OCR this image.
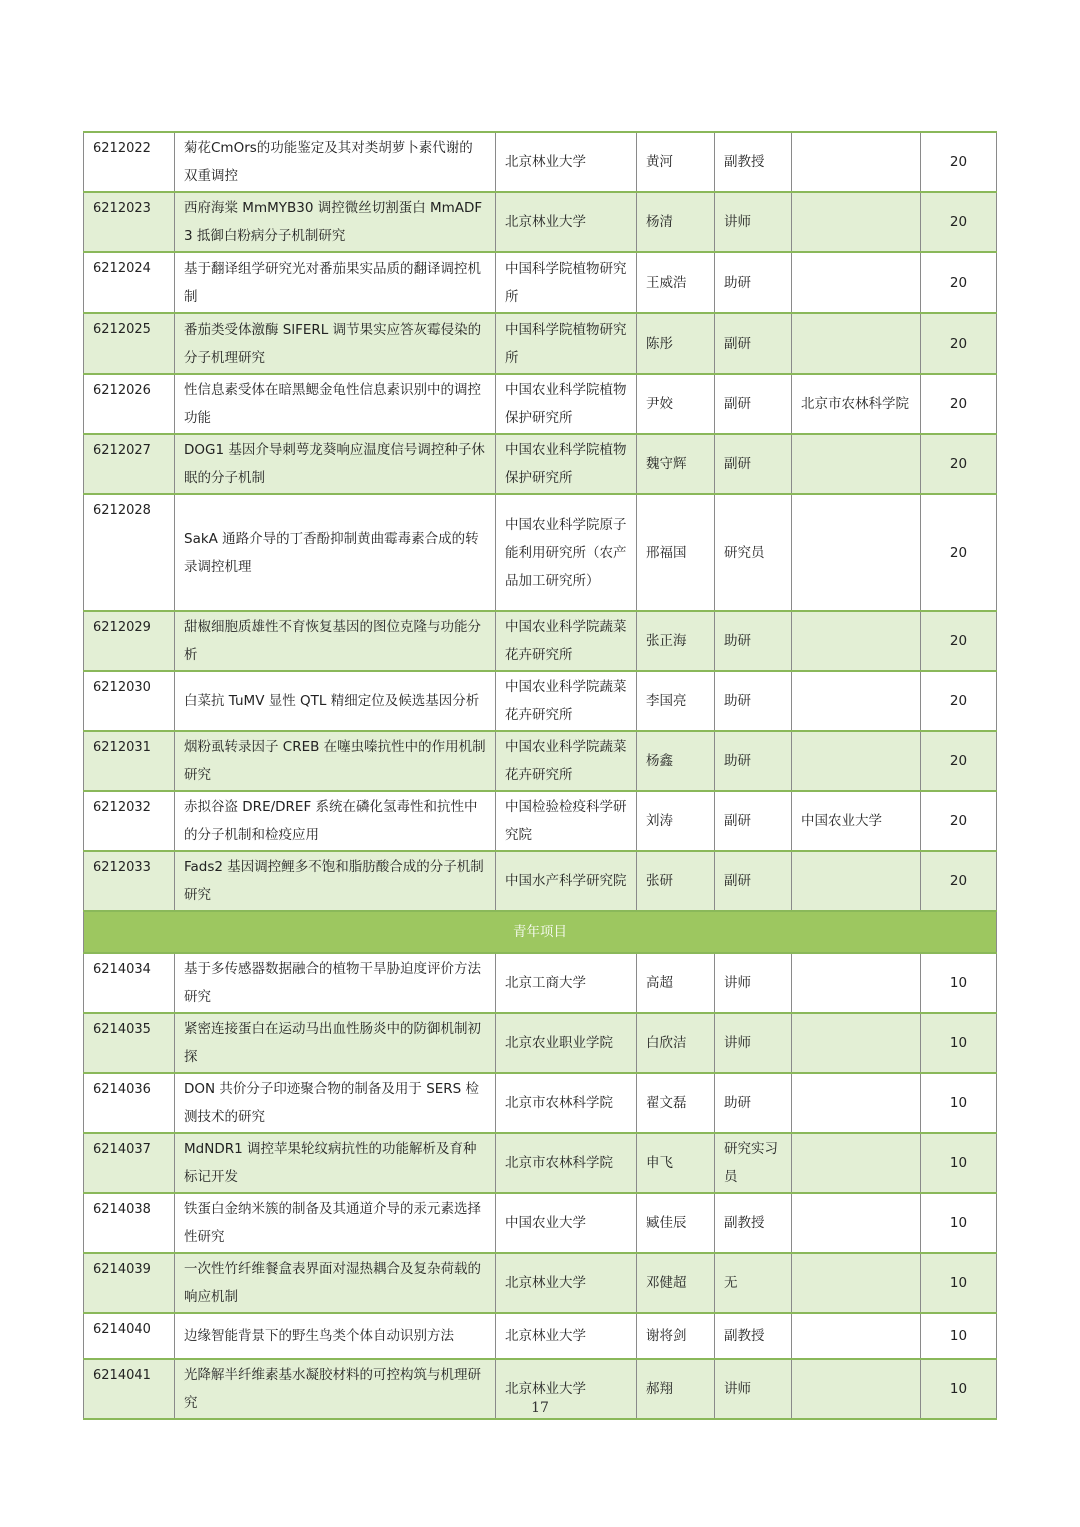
6212022	菊花CmOrs的功能鉴定及其对类胡萝卜素代谢的双重调控	北京林业大学	黄河	副教授		20
6212023	西府海棠 MmMYB30 调控微丝切割蛋白 MmADF3 抵御白粉病分子机制研究	北京林业大学	杨清	讲师		20
6212024	基于翻译组学研究光对番茄果实品质的翻译调控机制	中国科学院植物研究所	王威浩	助研		20
6212025	番茄类受体激酶 SlFERL 调节果实应答灰霉侵染的分子机理研究	中国科学院植物研究所	陈彤	副研		20
6212026	性信息素受体在暗黑鳃金龟性信息素识别中的调控功能	中国农业科学院植物保护研究所	尹姣	副研	北京市农林科学院	20
6212027	DOG1 基因介导刺萼龙葵响应温度信号调控种子休眠的分子机制	中国农业科学院植物保护研究所	魏守辉	副研		20
6212028	SakA 通路介导的丁香酚抑制黄曲霉毒素合成的转录调控机理	中国农业科学院原子能利用研究所（农产品加工研究所）	邢福国	研究员		20
6212029	甜椒细胞质雄性不育恢复基因的图位克隆与功能分析	中国农业科学院蔬菜花卉研究所	张正海	助研		20
6212030	白菜抗 TuMV 显性 QTL 精细定位及候选基因分析	中国农业科学院蔬菜花卉研究所	李国亮	助研		20
6212031	烟粉虱转录因子 CREB 在噻虫嗪抗性中的作用机制研究	中国农业科学院蔬菜花卉研究所	杨鑫	助研		20
6212032	赤拟谷盗 DRE/DREF 系统在磷化氢毒性和抗性中的分子机制和检疫应用	中国检验检疫科学研究院	刘涛	副研	中国农业大学	20
6212033	Fads2 基因调控鲤多不饱和脂肪酸合成的分子机制研究	中国水产科学研究院	张研	副研		20
青年项目						
6214034	基于多传感器数据融合的植物干旱胁迫度评价方法研究	北京工商大学	高超	讲师		10
6214035	紧密连接蛋白在运动马出血性肠炎中的防御机制初探	北京农业职业学院	白欣洁	讲师		10
6214036	DON 共价分子印迹聚合物的制备及用于 SERS 检测技术的研究	北京市农林科学院	翟文磊	助研		10
6214037	MdNDR1 调控苹果轮纹病抗性的功能解析及育种标记开发	北京市农林科学院	申飞	研究实习员		10
6214038	铁蛋白金纳米簇的制备及其通道介导的汞元素选择性研究	中国农业大学	臧佳辰	副教授		10
6214039	一次性竹纤维餐盒表界面对湿热耦合及复杂荷载的响应机制	北京林业大学	邓健超	无		10
6214040	边缘智能背景下的野生鸟类个体自动识别方法	北京林业大学	谢将剑	副教授		10
6214041	光降解半纤维素基水凝胶材料的可控构筑与机理研究	北京林业大学	郝翔	讲师		10
17
